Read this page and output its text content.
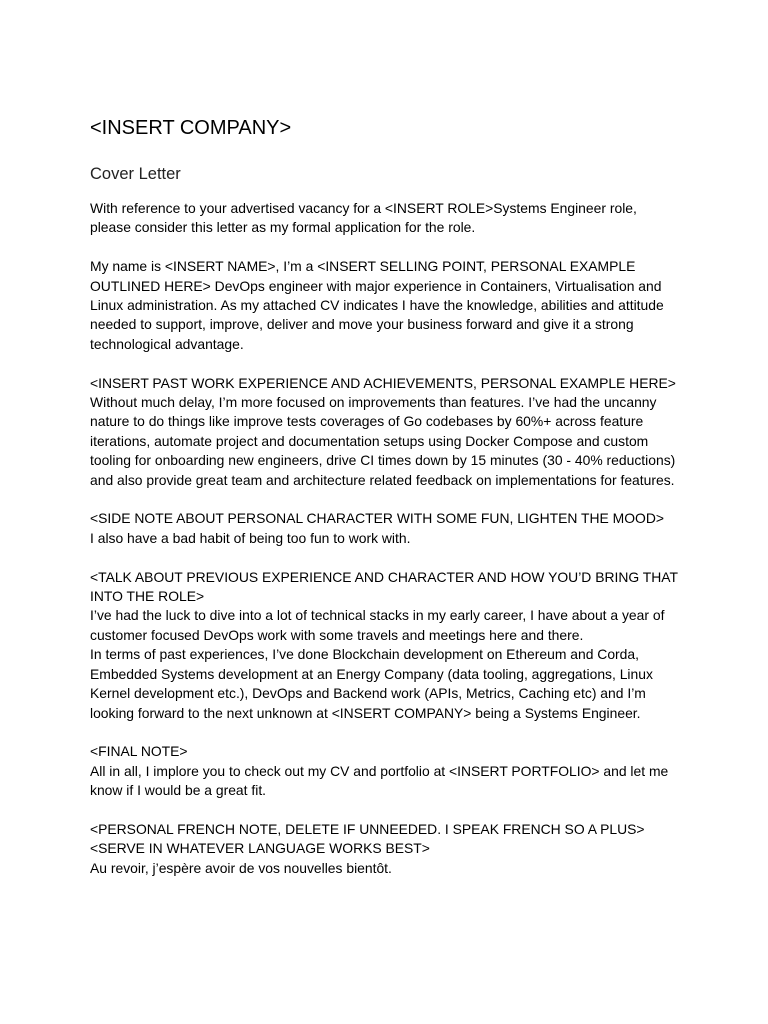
<INSERT COMPANY>
Cover Letter

With reference to your advertised vacancy for a <INSERT ROLE>Systems Engineer role,
please consider this letter as my formal application for the role.

My name is <INSERT NAME>, I’m a <INSERT SELLING POINT, PERSONAL EXAMPLE
OUTLINED HERE> DevOps engineer with major experience in Containers, Virtualisation and
Linux administration. As my attached CV indicates I have the knowledge, abilities and attitude
needed to support, improve, deliver and move your business forward and give it a strong
technological advantage.

<INSERT PAST WORK EXPERIENCE AND ACHIEVEMENTS, PERSONAL EXAMPLE HERE>
Without much delay, I’m more focused on improvements than features. I’ve had the uncanny
nature to do things like improve tests coverages of Go codebases by 60%+ across feature
iterations, automate project and documentation setups using Docker Compose and custom
tooling for onboarding new engineers, drive CI times down by 15 minutes (30 - 40% reductions)
and also provide great team and architecture related feedback on implementations for features.

<SIDE NOTE ABOUT PERSONAL CHARACTER WITH SOME FUN, LIGHTEN THE MOOD>
I also have a bad habit of being too fun to work with.

<TALK ABOUT PREVIOUS EXPERIENCE AND CHARACTER AND HOW YOU’D BRING THAT
INTO THE ROLE>
I’ve had the luck to dive into a lot of technical stacks in my early career, I have about a year of
customer focused DevOps work with some travels and meetings here and there.
In terms of past experiences, I’ve done Blockchain development on Ethereum and Corda,
Embedded Systems development at an Energy Company (data tooling, aggregations, Linux
Kernel development etc.), DevOps and Backend work (APIs, Metrics, Caching etc) and I’m
looking forward to the next unknown at <INSERT COMPANY> being a Systems Engineer.

<FINAL NOTE>
All in all, I implore you to check out my CV and portfolio at <INSERT PORTFOLIO> and let me
know if I would be a great fit.

<PERSONAL FRENCH NOTE, DELETE IF UNNEEDED. I SPEAK FRENCH SO A PLUS>
<SERVE IN WHATEVER LANGUAGE WORKS BEST>
Au revoir, j’espère avoir de vos nouvelles bientôt.
